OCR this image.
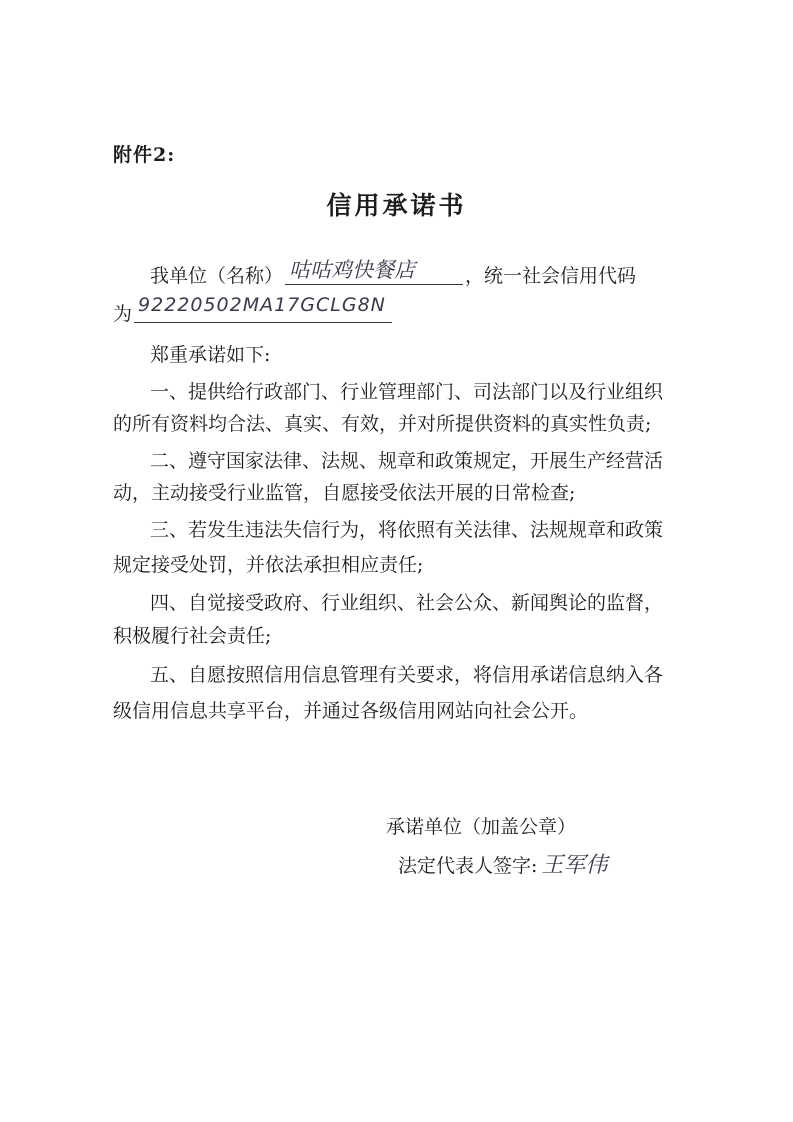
附件2:
信用承诺书
我单位（名称） 咕咕鸡快餐店	，统一社会信用代码
为 92220502MA17GCLG8N
郑重承诺如下:
一、提供给行政部门、行业管理部门、司法部门以及行业组织
的所有资料均合法、真实、有效，并对所提供资料的真实性负责;
二、遵守国家法律、法规、规章和政策规定，开展生产经营活
动，主动接受行业监管，自愿接受依法开展的日常检查;
三、若发生违法失信行为，将依照有关法律、法规规章和政策
规定接受处罚，并依法承担相应责任;
四、自觉接受政府、行业组织、社会公众、新闻舆论的监督，
积极履行社会责任;
五、自愿按照信用信息管理有关要求，将信用承诺信息纳入各
级信用信息共享平台，并通过各级信用网站向社会公开。
承诺单位（加盖公章）
法定代表人签字: 王军伟
